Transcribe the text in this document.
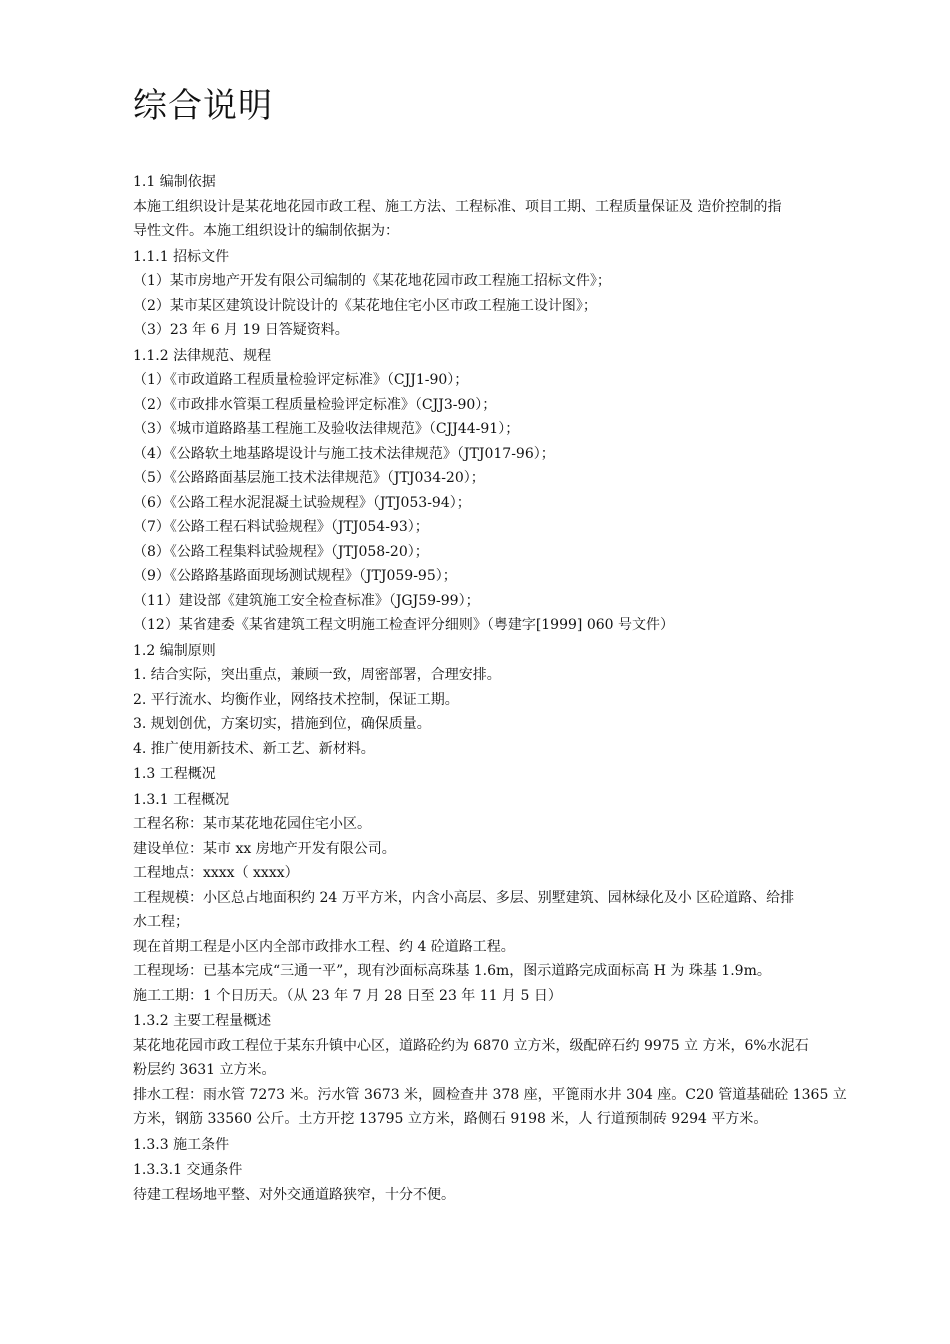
综合说明
1.1 编制依据
本施工组织设计是某花地花园市政工程、施工方法、工程标准、项目工期、工程质量保证及 造价控制的指
导性文件。本施工组织设计的编制依据为：
1.1.1 招标文件
（1）某市房地产开发有限公司编制的《某花地花园市政工程施工招标文件》；
（2）某市某区建筑设计院设计的《某花地住宅小区市政工程施工设计图》；
（3）23 年 6 月 19 日答疑资料。
1.1.2 法律规范、规程
（1）《市政道路工程质量检验评定标准》（CJJ1-90）；
（2）《市政排水管渠工程质量检验评定标准》（CJJ3-90）；
（3）《城市道路路基工程施工及验收法律规范》（CJJ44-91）；
（4）《公路软土地基路堤设计与施工技术法律规范》（JTJ017-96）；
（5）《公路路面基层施工技术法律规范》（JTJ034-20）；
（6）《公路工程水泥混凝土试验规程》（JTJ053-94）；
（7）《公路工程石料试验规程》（JTJ054-93）；
（8）《公路工程集料试验规程》（JTJ058-20）；
（9）《公路路基路面现场测试规程》（JTJ059-95）；
（11）建设部《建筑施工安全检查标准》（JGJ59-99）；
（12）某省建委《某省建筑工程文明施工检查评分细则》（粤建字[1999] 060 号文件）
1.2 编制原则
1. 结合实际，突出重点，兼顾一致，周密部署，合理安排。
2. 平行流水、均衡作业，网络技术控制，保证工期。
3. 规划创优，方案切实，措施到位，确保质量。
4. 推广使用新技术、新工艺、新材料。
1.3 工程概况
1.3.1 工程概况
工程名称：某市某花地花园住宅小区。
建设单位：某市 xx 房地产开发有限公司。
工程地点：xxxx（ xxxx）
工程规模：小区总占地面积约 24 万平方米，内含小高层、多层、别墅建筑、园林绿化及小 区砼道路、给排
水工程；
现在首期工程是小区内全部市政排水工程、约 4 砼道路工程。
工程现场：已基本完成“三通一平”，现有沙面标高珠基 1.6m，图示道路完成面标高 H 为 珠基 1.9m。
施工工期：1 个日历天。（从 23 年 7 月 28 日至 23 年 11 月 5 日）
1.3.2 主要工程量概述
某花地花园市政工程位于某东升镇中心区，道路砼约为 6870 立方米，级配碎石约 9975 立 方米，6%水泥石
粉层约 3631 立方米。
排水工程：雨水管 7273 米。污水管 3673 米，圆检查井 378 座，平篦雨水井 304 座。C20 管道基础砼 1365 立
方米，钢筋 33560 公斤。土方开挖 13795 立方米，路侧石 9198 米，人 行道预制砖 9294 平方米。
1.3.3 施工条件
1.3.3.1 交通条件
待建工程场地平整、对外交通道路狭窄，十分不便。
